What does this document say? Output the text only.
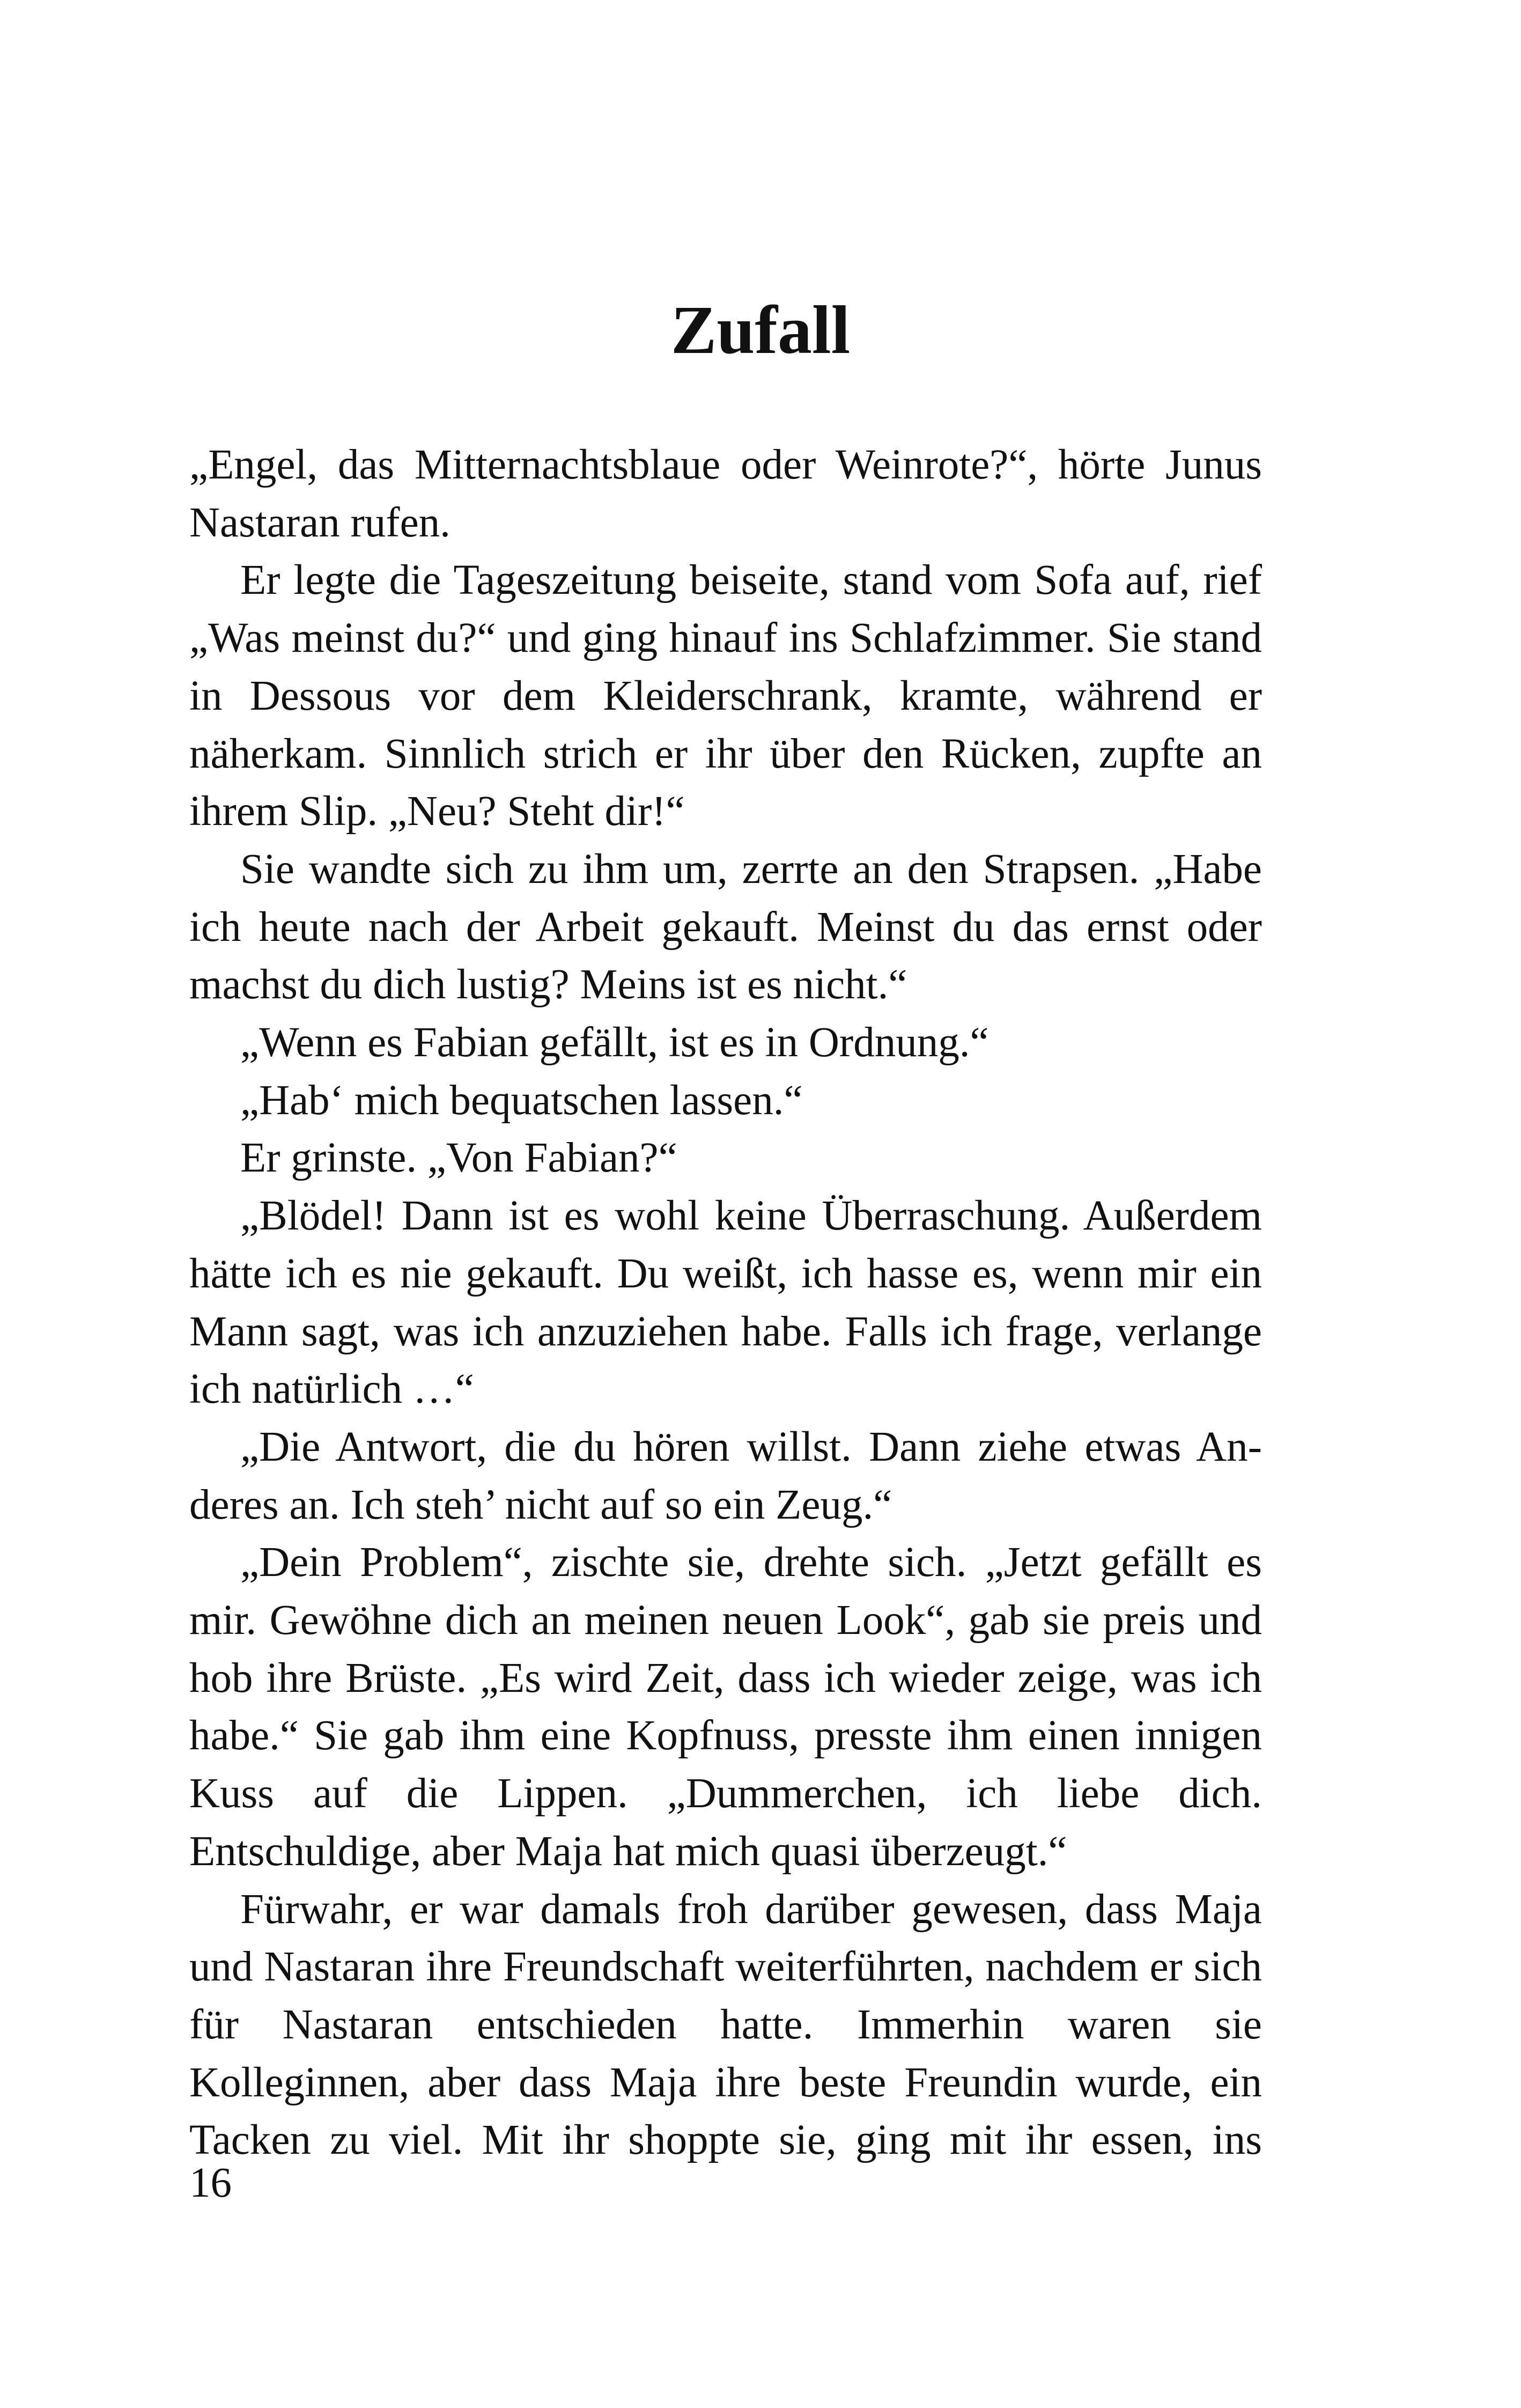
Zufall

„Engel, das Mitternachtsblaue oder Weinrote?“, hörte Junus Nastaran rufen.

Er legte die Tageszeitung beiseite, stand vom Sofa auf, rief „Was meinst du?“ und ging hinauf ins Schlafzimmer. Sie stand in Dessous vor dem Kleiderschrank, kramte, während er näherkam. Sinnlich strich er ihr über den Rücken, zupfte an ihrem Slip. „Neu? Steht dir!“

Sie wandte sich zu ihm um, zerrte an den Strapsen. „Habe ich heute nach der Arbeit gekauft. Meinst du das ernst oder machst du dich lustig? Meins ist es nicht.“

„Wenn es Fabian gefällt, ist es in Ordnung.“

„Hab‘ mich bequatschen lassen.“

Er grinste. „Von Fabian?“

„Blödel! Dann ist es wohl keine Überraschung. Außerdem hätte ich es nie gekauft. Du weißt, ich hasse es, wenn mir ein Mann sagt, was ich anzuziehen habe. Falls ich frage, verlange ich natürlich …“

„Die Antwort, die du hören willst. Dann ziehe etwas Anderes an. Ich steh’ nicht auf so ein Zeug.“

„Dein Problem“, zischte sie, drehte sich. „Jetzt gefällt es mir. Gewöhne dich an meinen neuen Look“, gab sie preis und hob ihre Brüste. „Es wird Zeit, dass ich wieder zeige, was ich habe.“ Sie gab ihm eine Kopfnuss, presste ihm einen innigen Kuss auf die Lippen. „Dummerchen, ich liebe dich. Entschuldige, aber Maja hat mich quasi überzeugt.“

Fürwahr, er war damals froh darüber gewesen, dass Maja und Nastaran ihre Freundschaft weiterführten, nachdem er sich für Nastaran entschieden hatte. Immerhin waren sie Kolleginnen, aber dass Maja ihre beste Freundin wurde, ein Tacken zu viel. Mit ihr shoppte sie, ging mit ihr essen, ins

16
